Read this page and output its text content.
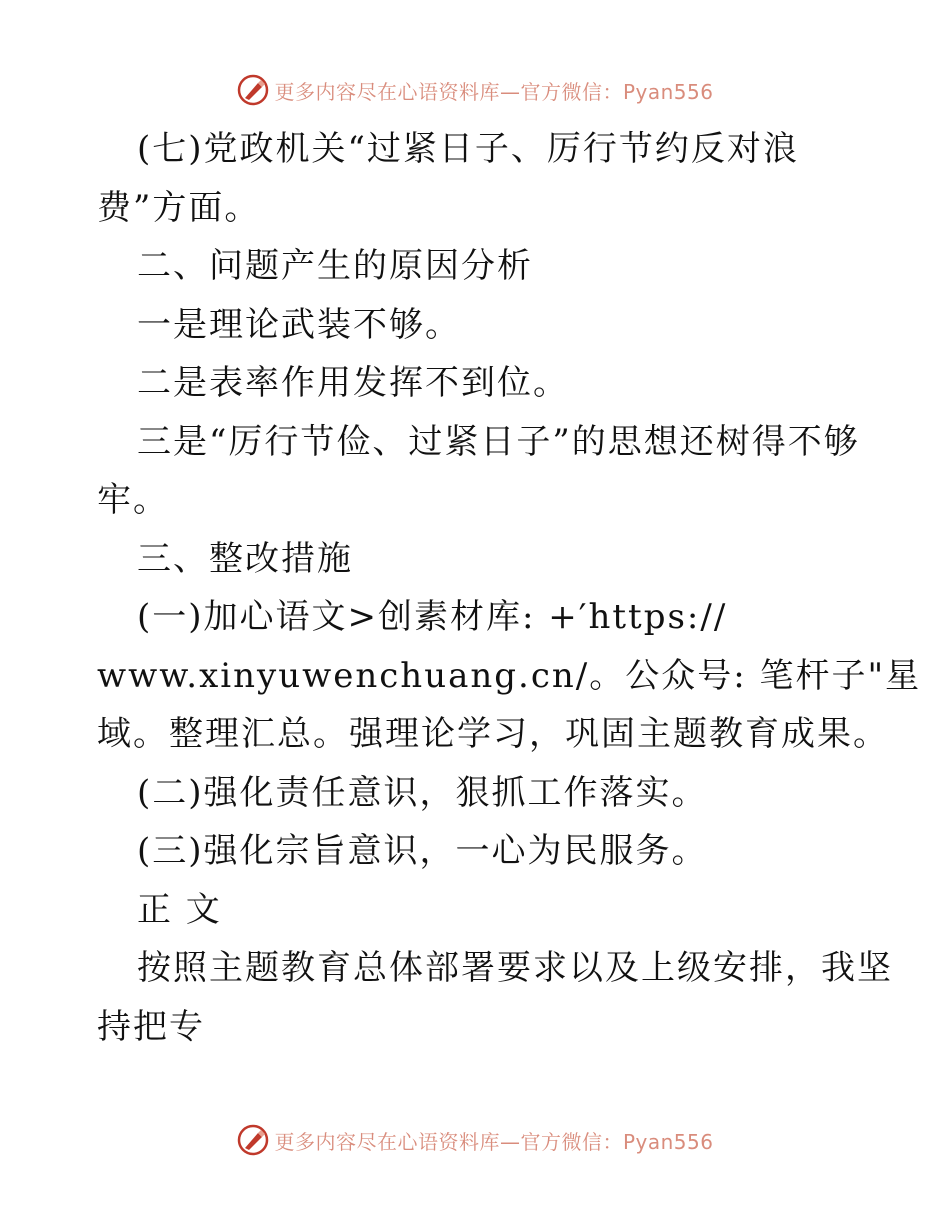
更多内容尽在心语资料库—官方微信：Pyan556
(七)党政机关“过紧日子、厉行节约反对浪
费”方面。
二、问题产生的原因分析
一是理论武装不够。
二是表率作用发挥不到位。
三是“厉行节俭、过紧日子”的思想还树得不够
牢。
三、整改措施
(一)加心语文>创素材库: +′https://
www.xinyuwenchuang.cn/。公众号: 笔杆子"星
域。整理汇总。强理论学习，巩固主题教育成果。
(二)强化责任意识，狠抓工作落实。
(三)强化宗旨意识，一心为民服务。
正 文
按照主题教育总体部署要求以及上级安排，我坚
持把专
更多内容尽在心语资料库—官方微信：Pyan556
